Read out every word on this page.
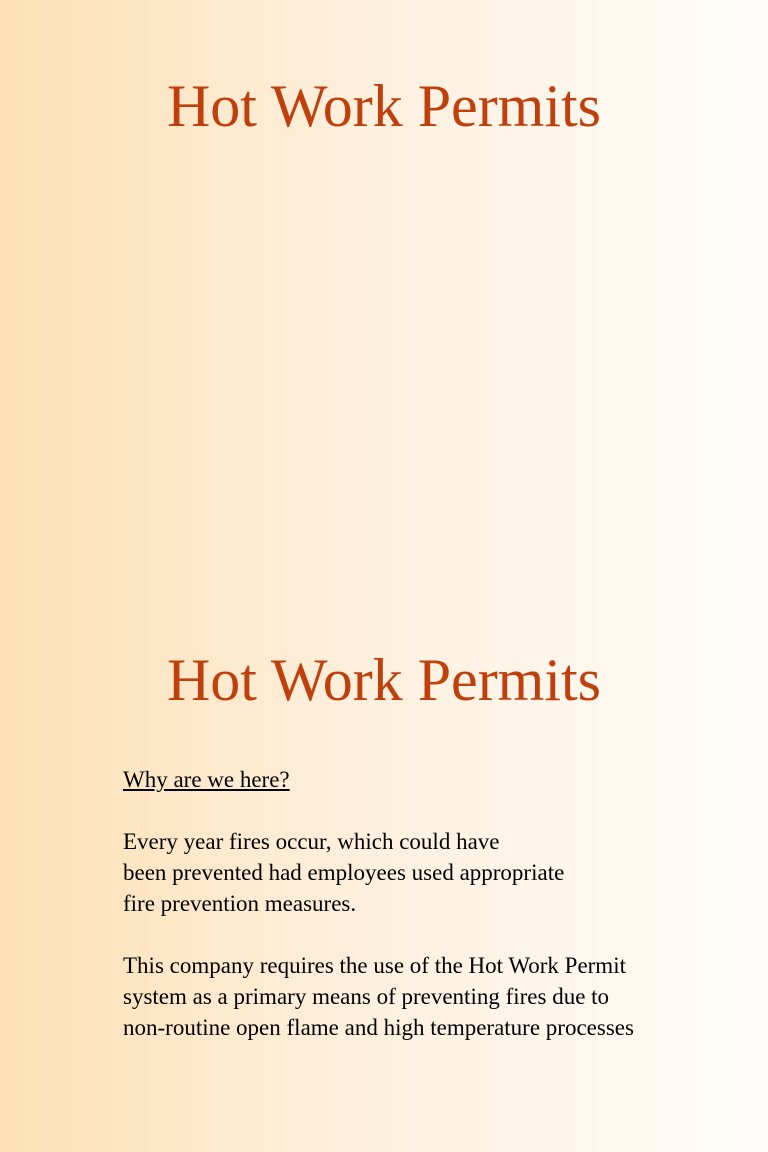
Hot Work Permits
Hot Work Permits

Why are we here?

Every year fires occur, which could have
been prevented had employees used appropriate
fire prevention measures.

This company requires the use of the Hot Work Permit
system as a primary means of preventing fires due to
non-routine open flame and high temperature processes
